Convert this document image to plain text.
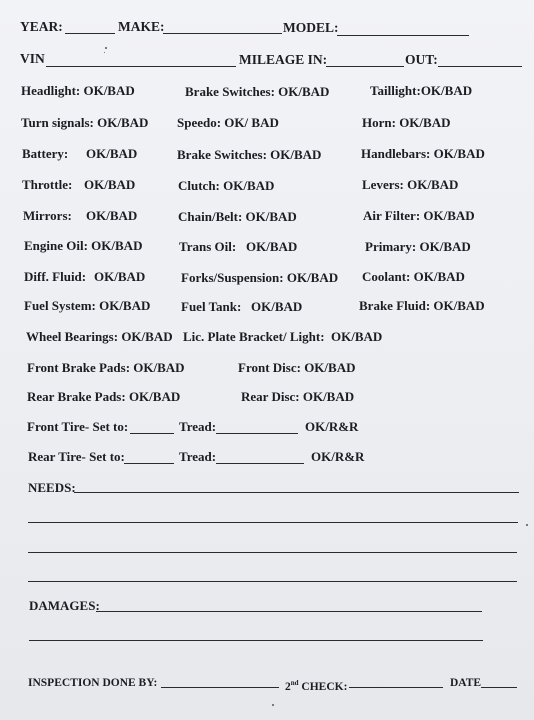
YEAR:	MAKE:	MODEL:
VIN	MILEAGE IN:	OUT:
Headlight: OK/BAD	Brake Switches: OK/BAD	Taillight:OK/BAD
Turn signals: OK/BAD Speedo: OK/ BAD	Horn: OK/BAD
Battery: OK/BAD	Brake Switches: OK/BAD	Handlebars: OK/BAD
Throttle: OK/BAD	Clutch: OK/BAD	Levers: OK/BAD
Mirrors: OK/BAD	Chain/Belt: OK/BAD	Air Filter: OK/BAD
Engine Oil: OK/BAD	Trans Oil: OK/BAD	Primary: OK/BAD
Diff. Fluid: OK/BAD	Forks/Suspension: OK/BAD Coolant: OK/BAD
Fuel System: OK/BAD Fuel Tank: OK/BAD	Brake Fluid: OK/BAD
Wheel Bearings: OK/BAD Lic. Plate Bracket/ Light: OK/BAD
Front Brake Pads: OK/BAD	Front Disc: OK/BAD
Rear Brake Pads: OK/BAD	Rear Disc: OK/BAD
Front Tire- Set to:	Tread:	OK/R&R
Rear Tire- Set to:	Tread:	OK/R&R
NEEDS:
DAMAGES:
INSPECTION DONE BY:	2nd CHECK:	DATE
